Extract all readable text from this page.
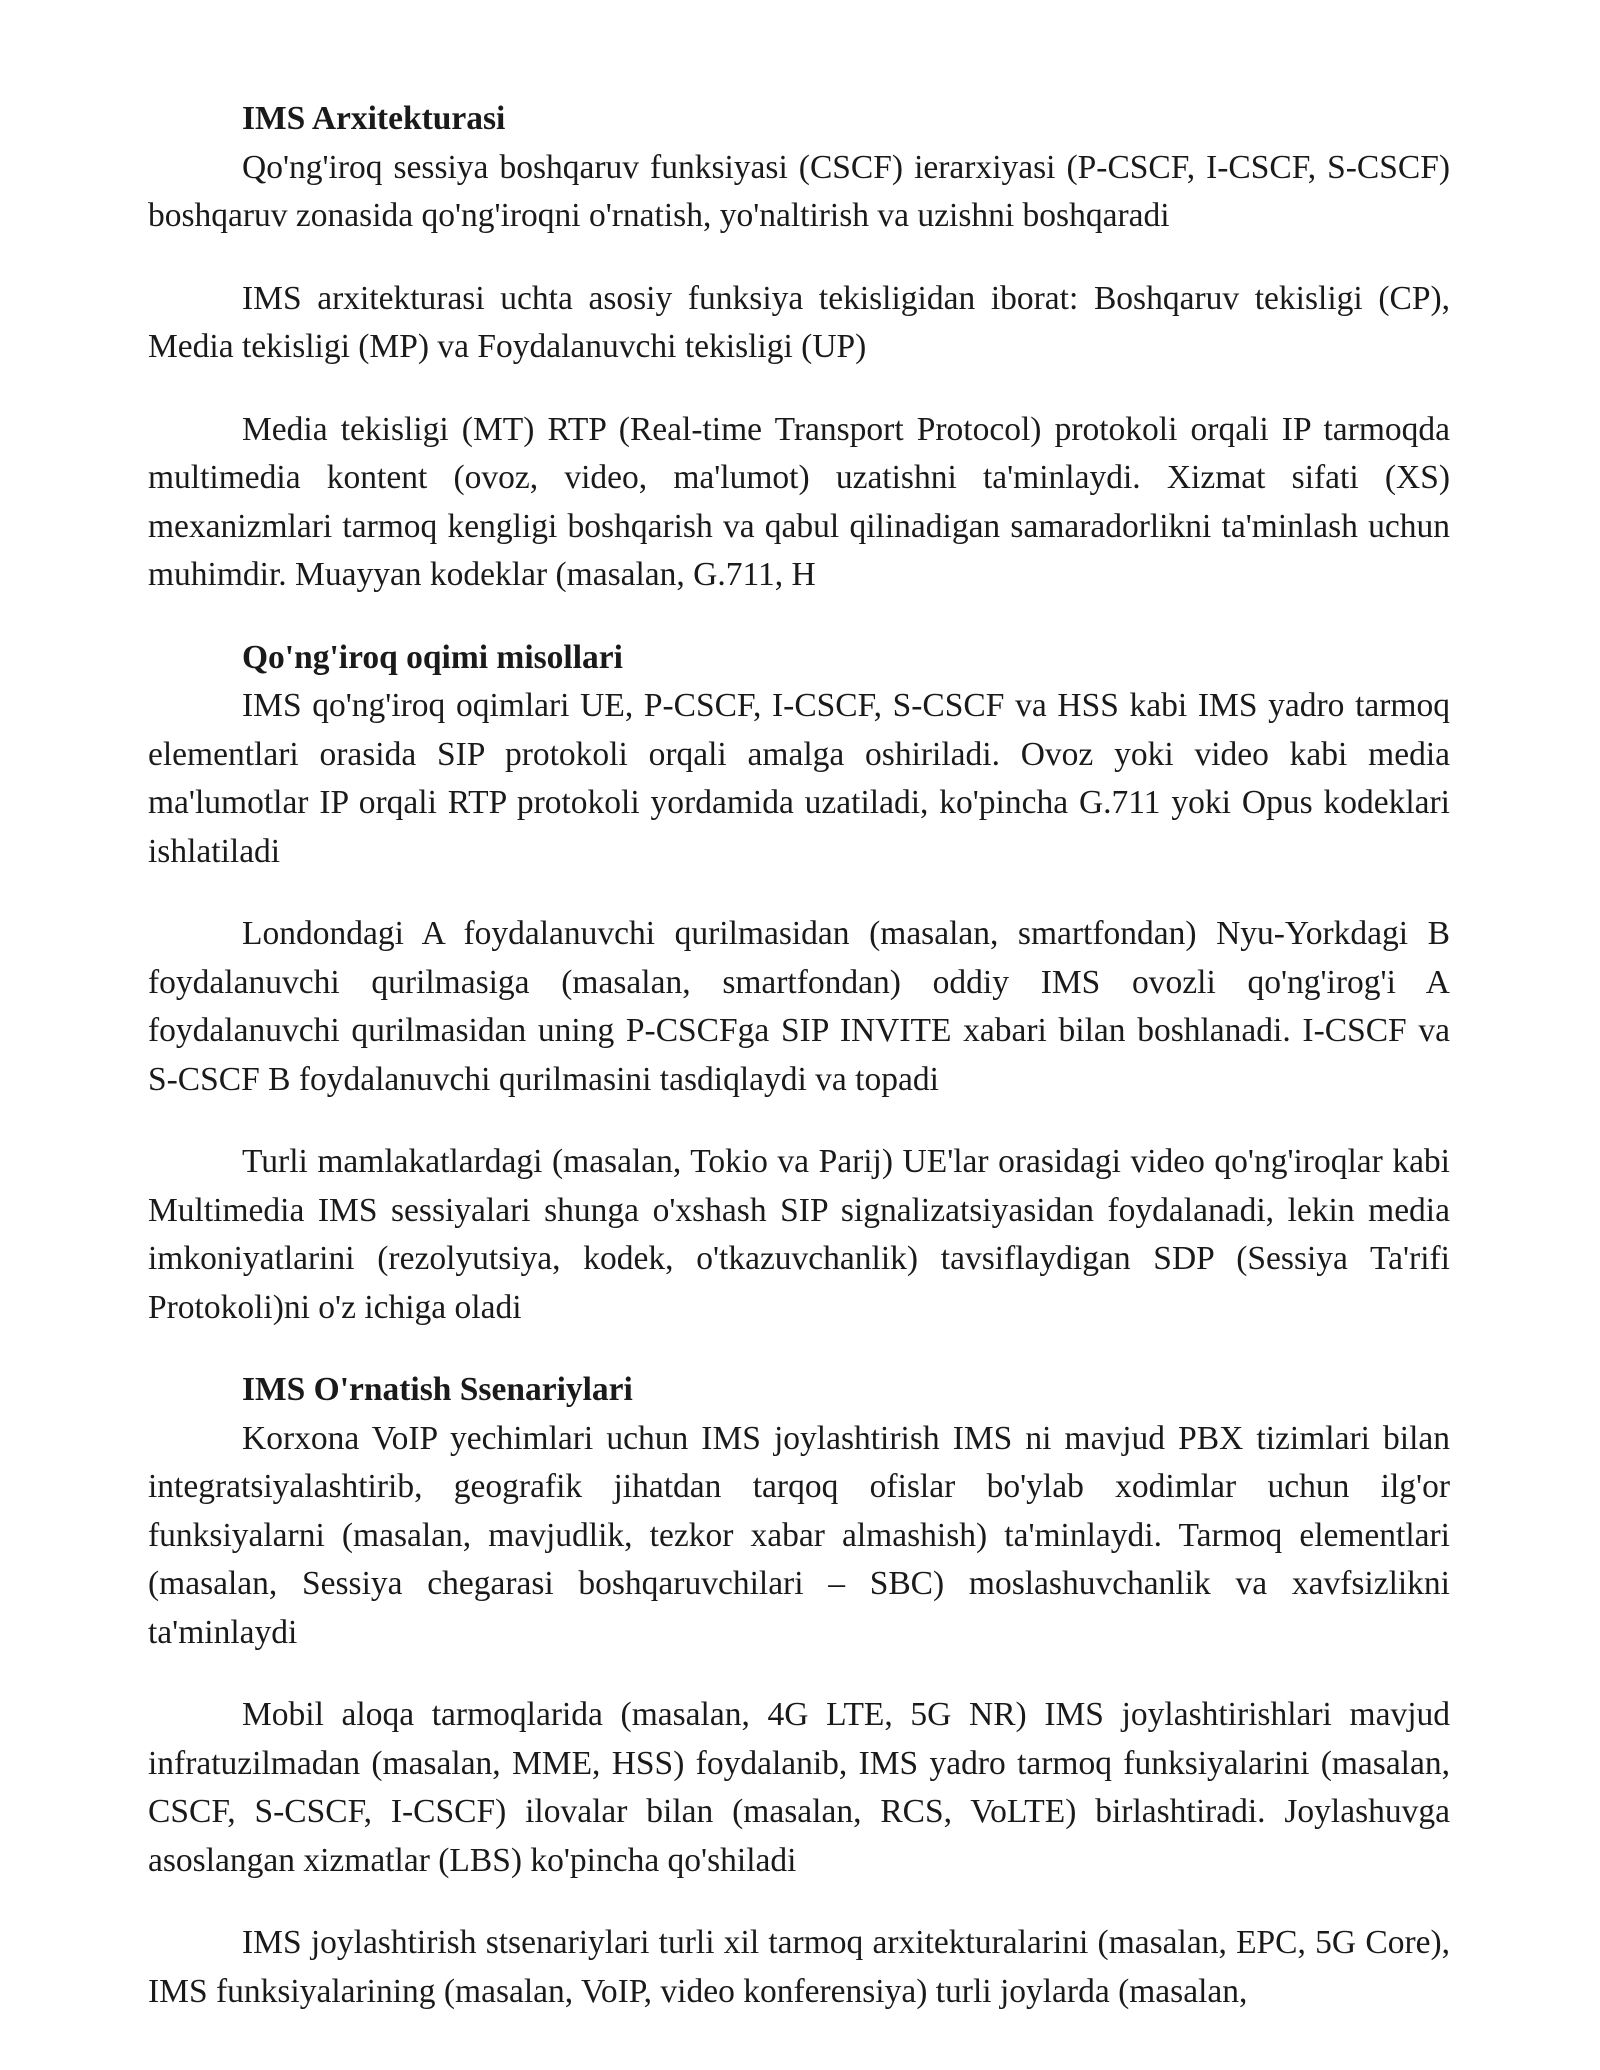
IMS Arxitekturasi

Qo'ng'iroq sessiya boshqaruv funksiyasi (CSCF) ierarxiyasi (P-CSCF, I-CSCF, S-CSCF) boshqaruv zonasida qo'ng'iroqni o'rnatish, yo'naltirish va uzishni boshqaradi

IMS arxitekturasi uchta asosiy funksiya tekisligidan iborat: Boshqaruv tekisligi (CP), Media tekisligi (MP) va Foydalanuvchi tekisligi (UP)

Media tekisligi (MT) RTP (Real-time Transport Protocol) protokoli orqali IP tarmoqda multimedia kontent (ovoz, video, ma'lumot) uzatishni ta'minlaydi. Xizmat sifati (XS) mexanizmlari tarmoq kengligi boshqarish va qabul qilinadigan samaradorlikni ta'minlash uchun muhimdir. Muayyan kodeklar (masalan, G.711, H

Qo'ng'iroq oqimi misollari

IMS qo'ng'iroq oqimlari UE, P-CSCF, I-CSCF, S-CSCF va HSS kabi IMS yadro tarmoq elementlari orasida SIP protokoli orqali amalga oshiriladi. Ovoz yoki video kabi media ma'lumotlar IP orqali RTP protokoli yordamida uzatiladi, ko'pincha G.711 yoki Opus kodeklari ishlatiladi

Londondagi A foydalanuvchi qurilmasidan (masalan, smartfondan) Nyu-Yorkdagi B foydalanuvchi qurilmasiga (masalan, smartfondan) oddiy IMS ovozli qo'ng'irog'i A foydalanuvchi qurilmasidan uning P-CSCFga SIP INVITE xabari bilan boshlanadi. I-CSCF va S-CSCF B foydalanuvchi qurilmasini tasdiqlaydi va topadi

Turli mamlakatlardagi (masalan, Tokio va Parij) UE'lar orasidagi video qo'ng'iroqlar kabi Multimedia IMS sessiyalari shunga o'xshash SIP signalizatsiyasidan foydalanadi, lekin media imkoniyatlarini (rezolyutsiya, kodek, o'tkazuvchanlik) tavsiflaydigan SDP (Sessiya Ta'rifi Protokoli)ni o'z ichiga oladi

IMS O'rnatish Ssenariylari

Korxona VoIP yechimlari uchun IMS joylashtirish IMS ni mavjud PBX tizimlari bilan integratsiyalashtirib, geografik jihatdan tarqoq ofislar bo'ylab xodimlar uchun ilg'or funksiyalarni (masalan, mavjudlik, tezkor xabar almashish) ta'minlaydi. Tarmoq elementlari (masalan, Sessiya chegarasi boshqaruvchilari – SBC) moslashuvchanlik va xavfsizlikni ta'minlaydi

Mobil aloqa tarmoqlarida (masalan, 4G LTE, 5G NR) IMS joylashtirishlari mavjud infratuzilmadan (masalan, MME, HSS) foydalanib, IMS yadro tarmoq funksiyalarini (masalan, CSCF, S-CSCF, I-CSCF) ilovalar bilan (masalan, RCS, VoLTE) birlashtiradi. Joylashuvga asoslangan xizmatlar (LBS) ko'pincha qo'shiladi

IMS joylashtirish stsenariylari turli xil tarmoq arxitekturalarini (masalan, EPC, 5G Core), IMS funksiyalarining (masalan, VoIP, video konferensiya) turli joylarda (masalan,
